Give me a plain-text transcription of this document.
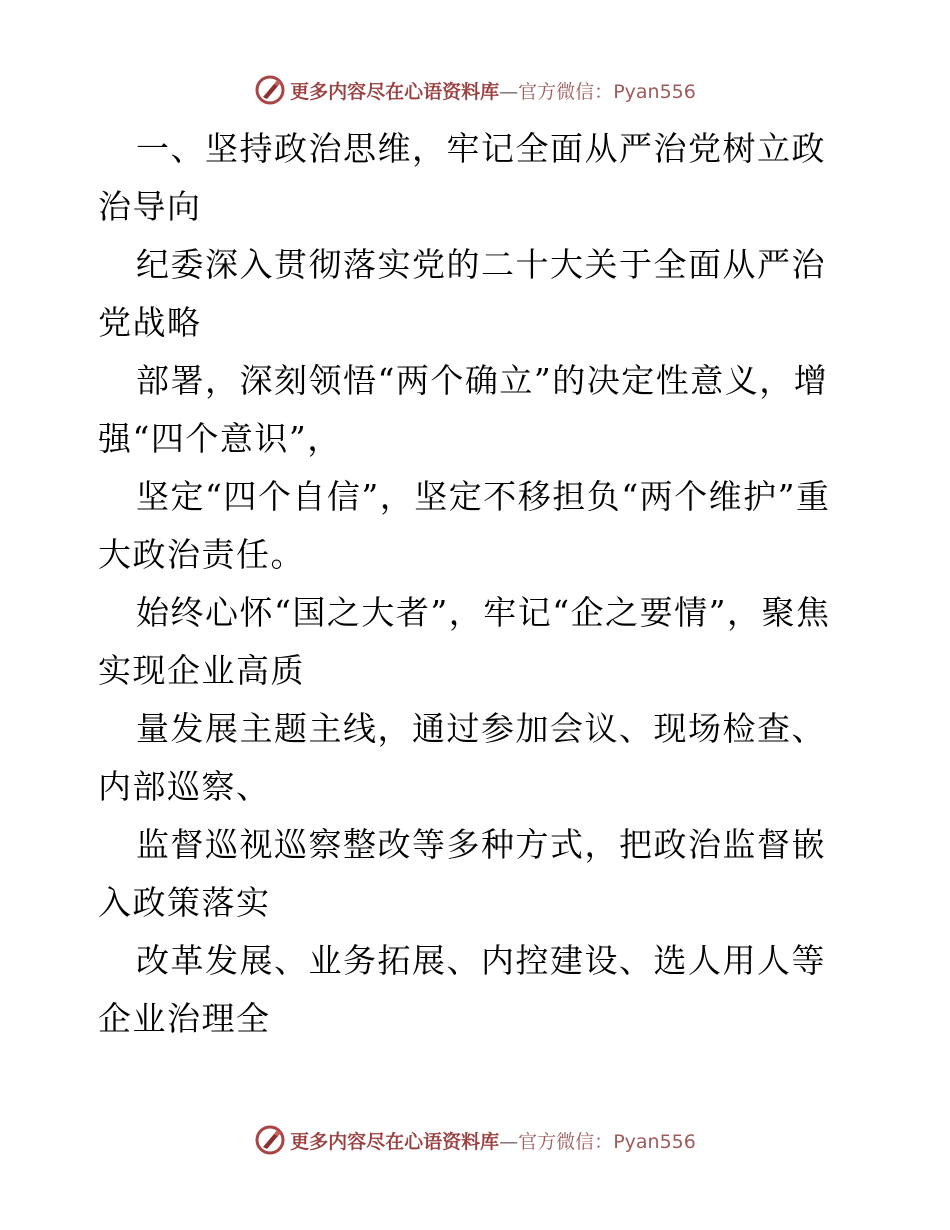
更多内容尽在心语资料库—官方微信：Pyan556

一、坚持政治思维，牢记全面从严治党树立政治导向

纪委深入贯彻落实党的二十大关于全面从严治党战略

部署，深刻领悟“两个确立”的决定性意义，增强“四个意识”，

坚定“四个自信”，坚定不移担负“两个维护”重大政治责任。

始终心怀“国之大者”，牢记“企之要情”，聚焦实现企业高质

量发展主题主线，通过参加会议、现场检查、内部巡察、

监督巡视巡察整改等多种方式，把政治监督嵌入政策落实

改革发展、业务拓展、内控建设、选人用人等企业治理全

更多内容尽在心语资料库—官方微信：Pyan556
